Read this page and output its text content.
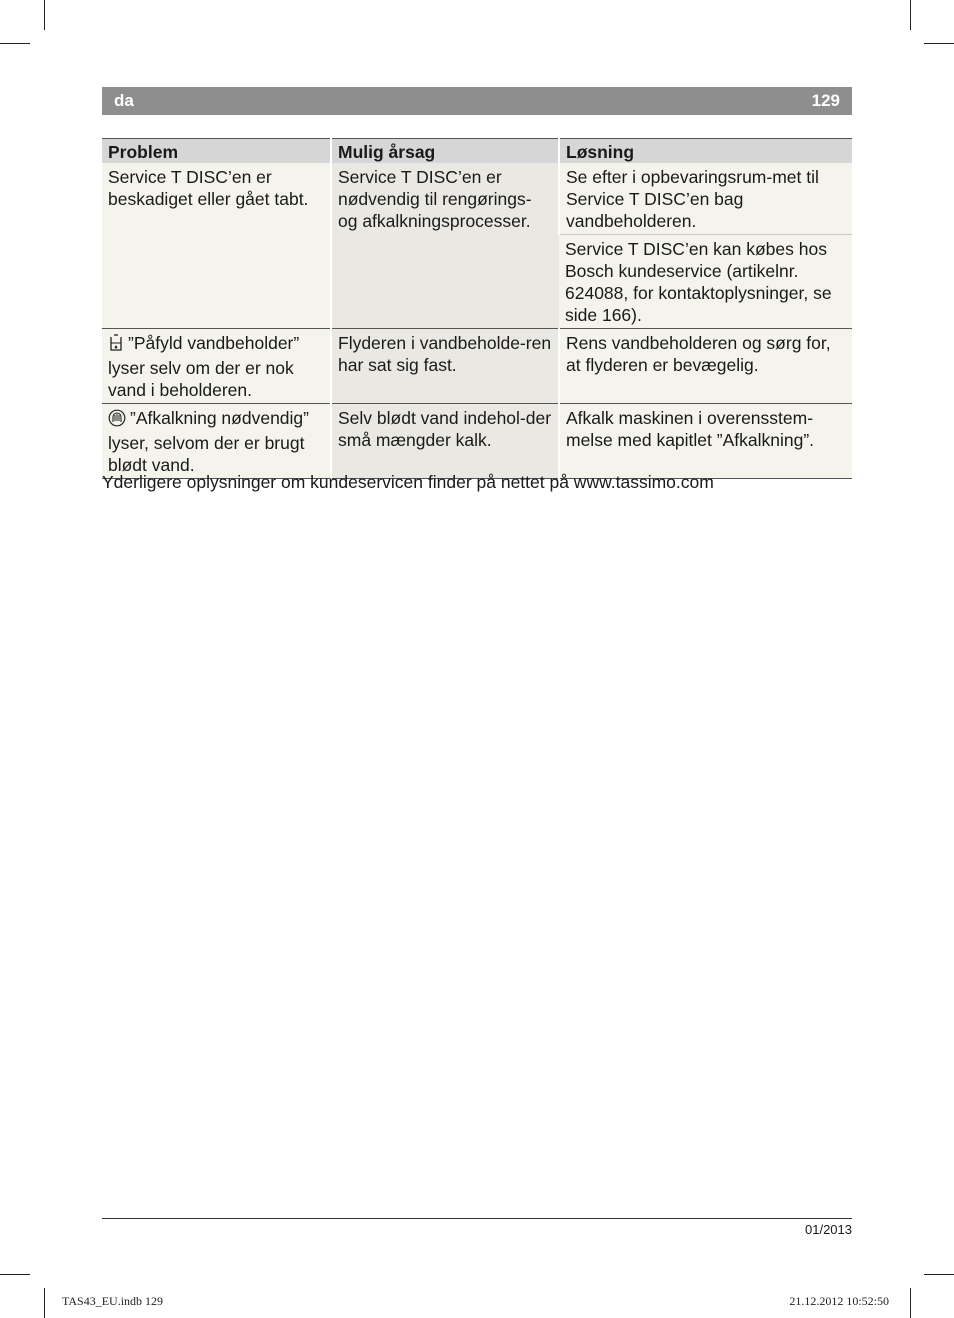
da	129
Problem	Mulig årsag	Løsning
Service T DISC’en er beskadiget eller gået tabt.	Service T DISC’en er nødvendig til rengørings- og afkalkningsprocesser.	Se efter i opbevaringsrum-met til Service T DISC’en bag vandbeholderen.
		Service T DISC’en kan købes hos Bosch kundeservice (artikelnr. 624088, for kontaktoplysninger, se side 166).
”Påfyld vandbeholder” lyser selv om der er nok vand i beholderen.	Flyderen i vandbeholde-ren har sat sig fast.	Rens vandbeholderen og sørg for, at flyderen er bevægelig.
”Afkalkning nødvendig” lyser, selvom der er brugt blødt vand.	Selv blødt vand indehol-der små mængder kalk.	Afkalk maskinen i overensstem-melse med kapitlet ”Afkalkning”.
Yderligere oplysninger om kundeservicen finder på nettet på www.tassimo.com
01/2013
TAS43_EU.indb 129	21.12.2012 10:52:50
